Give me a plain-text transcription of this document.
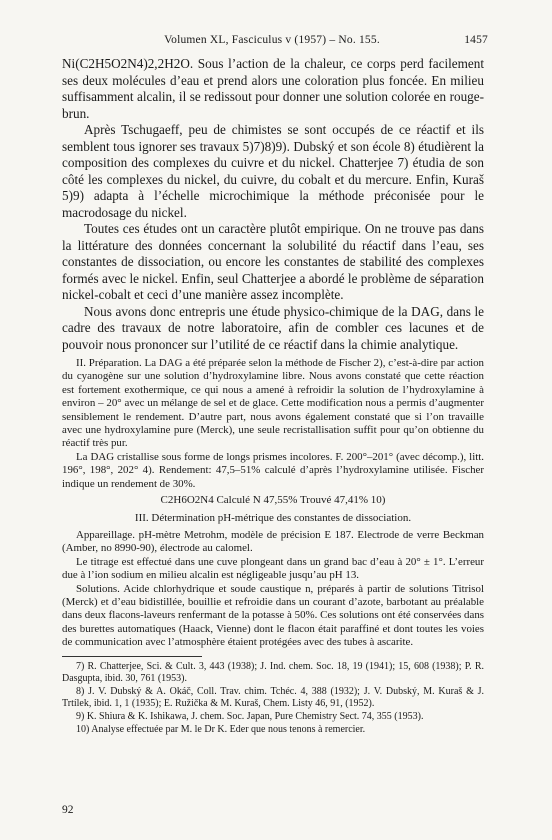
Volumen XL, Fasciculus v (1957) – No. 155.	1457

Ni(C2H5O2N4)2,2H2O. Sous l’action de la chaleur, ce corps perd facilement ses deux molécules d’eau et prend alors une coloration plus foncée. En milieu suffisamment alcalin, il se redissout pour donner une solution colorée en rouge-brun.

Après Tschugaeff, peu de chimistes se sont occupés de ce réactif et ils semblent tous ignorer ses travaux 5)7)8)9). Dubský et son école 8) étudièrent la composition des complexes du cuivre et du nickel. Chatterjee 7) étudia de son côté les complexes du nickel, du cuivre, du cobalt et du mercure. Enfin, Kuraš 5)9) adapta à l’échelle microchimique la méthode préconisée pour le macrodosage du nickel.

Toutes ces études ont un caractère plutôt empirique. On ne trouve pas dans la littérature des données concernant la solubilité du réactif dans l’eau, ses constantes de dissociation, ou encore les constantes de stabilité des complexes formés avec le nickel. Enfin, seul Chatterjee a abordé le problème de séparation nickel-cobalt et ceci d’une manière assez incomplète.

Nous avons donc entrepris une étude physico-chimique de la DAG, dans le cadre des travaux de notre laboratoire, afin de combler ces lacunes et de pouvoir nous prononcer sur l’utilité de ce réactif dans la chimie analytique.

II. Préparation. La DAG a été préparée selon la méthode de Fischer 2), c’est-à-dire par action du cyanogène sur une solution d’hydroxylamine libre. Nous avons constaté que cette réaction est fortement exothermique, ce qui nous a amené à refroidir la solution de l’hydroxylamine à environ – 20° avec un mélange de sel et de glace. Cette modification nous a permis d’augmenter sensiblement le rendement. D’autre part, nous avons également constaté que si l’on travaille avec une hydroxylamine pure (Merck), une seule recristallisation suffit pour qu’on obtienne du réactif très pur.

La DAG cristallise sous forme de longs prismes incolores. F. 200°–201° (avec décomp.), litt. 196°, 198°, 202° 4). Rendement: 47,5–51% calculé d’après l’hydroxylamine utilisée. Fischer indique un rendement de 30%.

C2H6O2N4 Calculé N 47,55% Trouvé 47,41% 10)
III. Détermination pH-métrique des constantes de dissociation.

Appareillage. pH-mètre Metrohm, modèle de précision E 187. Electrode de verre Beckman (Amber, no 8990-90), électrode au calomel.

Le titrage est effectué dans une cuve plongeant dans un grand bac d’eau à 20° ± 1°. L’erreur due à l’ion sodium en milieu alcalin est négligeable jusqu’au pH 13.

Solutions. Acide chlorhydrique et soude caustique n, préparés à partir de solutions Titrisol (Merck) et d’eau bidistillée, bouillie et refroidie dans un courant d’azote, barbotant au préalable dans deux flacons-laveurs renfermant de la potasse à 50%. Ces solutions ont été conservées dans des burettes automatiques (Haack, Vienne) dont le flacon était paraffiné et dont toutes les voies de communication avec l’atmosphère étaient protégées avec des tubes à ascarite.

7) R. Chatterjee, Sci. & Cult. 3, 443 (1938); J. Ind. chem. Soc. 18, 19 (1941); 15, 608 (1938); P. R. Dasgupta, ibid. 30, 761 (1953).

8) J. V. Dubský & A. Okáč, Coll. Trav. chim. Tchéc. 4, 388 (1932); J. V. Dubský, M. Kuraš & J. Trtílek, ibid. 1, 1 (1935); E. Ružička & M. Kuraš, Chem. Listy 46, 91, (1952).

9) K. Shiura & K. Ishikawa, J. chem. Soc. Japan, Pure Chemistry Sect. 74, 355 (1953).

10) Analyse effectuée par M. le Dr K. Eder que nous tenons à remercier.

92
